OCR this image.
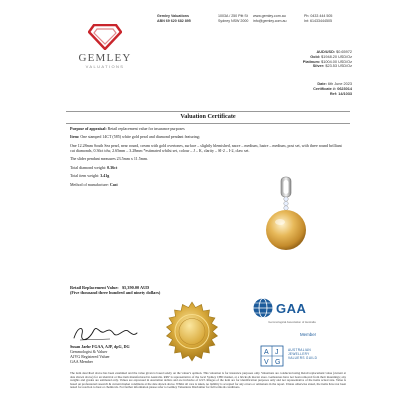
GEMLEY
VALUATIONS
Gemley Valuations
ABN 69 620 682 895
1003A / 250 Pitt St
Sydney NSW 2000
www.gemley.com.au
info@gemley.com.au
Ph: 0433 444 505
Int: 61433444505
AUD/USD: $0.65972
Gold: $1948.20 USD/Oz
Platinum: $1004.00 USD/Oz
Silver: $23.53 USD/Oz
Date: 6th June 2023
Certificate #: 0623014
Ref: 14/1033
Valuation Certificate

Purpose of appraisal: Retail replacement value for insurance purposes

Item: One stamped 14CT (585) white gold pearl and diamond pendant featuring;

One 12.28mm South Sea pearl, near round, cream with gold overtones, surface – slightly blemished, nacre – medium, lustre – medium, post set, with three round brilliant cut diamonds, 0.36ct tdw, 2.65mm – 3.28mm *estimated whilst set, colour – J – K, clarity – SI-2 – I-2, claw set.

The slider pendant measures 23.5mm x 11.5mm.

Total diamond weight: 0.36ct

Total item weight: 3.41g

Method of manufacture: Cast

Retail Replacement Value: $5,390.00 AUD
(Five thousand three hundred and ninety dollars)
Susan Jaehr FGAA, AJP, dpG, DG
Gemmologist & Valuer
AJVG Registered Valuer
GAA Member
GAA
Gemmological Association of Australia
Member
A J
V G
AUSTRALIAN
JEWELLERY
VALUERS GUILD
The item described above has been examined and the value given is based solely on the valuer's opinion. This valuation is for insurance purposes only. Valuations are conducted using Retail replacement value (current at date shown above) for an identical or like item manufactured in Australia. RRV is representative of the local Sydney CBD market, at a bricks & mortar store. Gemstones have not been removed from their mountings; any weights and grades are estimated only. Values are expressed in Australian dollars and are inclusive of GST. Images of the item are for identification purposes only and not representative of the items actual size. Value is based on professional research & current market conditions at the date shown above. Whilst all care is taken, no liability is accepted for any errors or omissions in the report. Unless otherwise stated, the items have not been tested for reaction to heat or chemicals. For further information please refer to Gemley Valuations Disclaimer for full terms & conditions.
